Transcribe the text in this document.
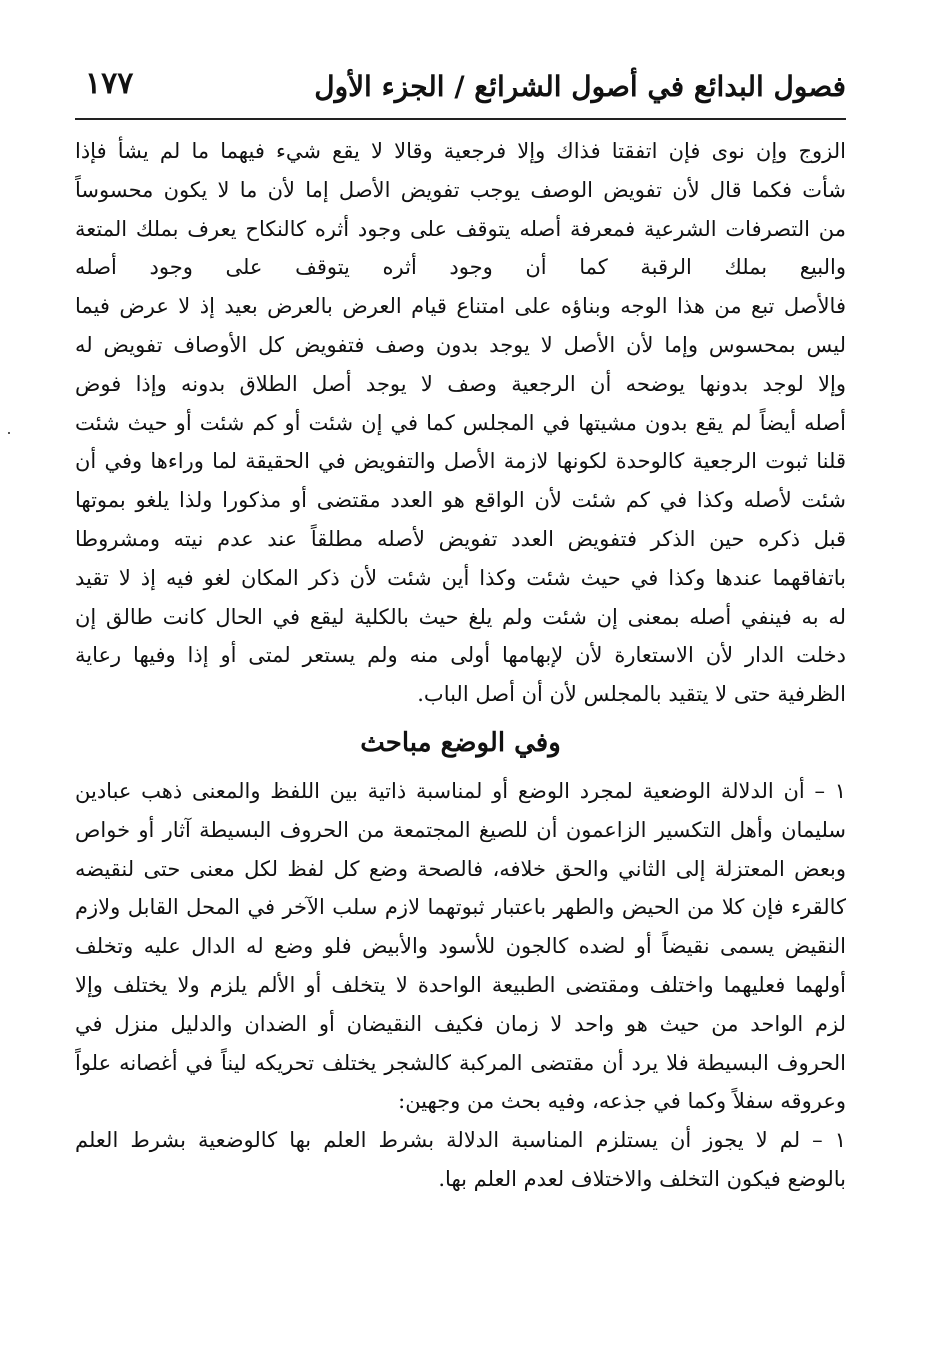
فصول البدائع في أصول الشرائع / الجزء الأول
١٧٧
الزوج وإن نوى فإن اتفقتا فذاك وإلا فرجعية وقالا لا يقع شيء فيهما ما لم يشأ فإذا
شأت فكما قال لأن تفويض الوصف يوجب تفويض الأصل إما لأن ما لا يكون محسوساً
من التصرفات الشرعية فمعرفة أصله يتوقف على وجود أثره كالنكاح يعرف بملك المتعة
والبيع بملك الرقبة كما أن وجود أثره يتوقف على وجود أصله
فالأصل تبع من هذا الوجه وبناؤه على امتناع قيام العرض بالعرض بعيد إذ لا عرض فيما
ليس بمحسوس وإما لأن الأصل لا يوجد بدون وصف فتفويض كل الأوصاف تفويض له
وإلا لوجد بدونها يوضحه أن الرجعية وصف لا يوجد أصل الطلاق بدونه وإذا فوض
أصله أيضاً لم يقع بدون مشيتها في المجلس كما في إن شئت أو كم شئت أو حيث شئت
قلنا ثبوت الرجعية كالوحدة لكونها لازمة الأصل والتفويض في الحقيقة لما وراءها وفي أن
شئت لأصله وكذا في كم شئت لأن الواقع هو العدد مقتضى أو مذكورا ولذا يلغو بموتها
قبل ذكره حين الذكر فتفويض العدد تفويض لأصله مطلقاً عند عدم نيته ومشروطا
باتفاقهما عندها وكذا في حيث شئت وكذا أين شئت لأن ذكر المكان لغو فيه إذ لا تقيد
له به فينفي أصله بمعنى إن شئت ولم يلغ حيث بالكلية ليقع في الحال كانت طالق إن
دخلت الدار لأن الاستعارة لأن لإبهامها أولى منه ولم يستعر لمتى أو إذا وفيها رعاية
الظرفية حتى لا يتقيد بالمجلس لأن أن أصل الباب.
وفي الوضع مباحث
١ – أن الدلالة الوضعية لمجرد الوضع أو لمناسبة ذاتية بين اللفظ والمعنى ذهب عبادين
سليمان وأهل التكسير الزاعمون أن للصيغ المجتمعة من الحروف البسيطة آثار أو خواص
وبعض المعتزلة إلى الثاني والحق خلافه، فالصحة وضع كل لفظ لكل معنى حتى لنقيضه
كالقرء فإن كلا من الحيض والطهر باعتبار ثبوتهما لازم سلب الآخر في المحل القابل ولازم
النقيض يسمى نقيضاً أو لضده كالجون للأسود والأبيض فلو وضع له الدال عليه وتخلف
أولهما فعليهما واختلف ومقتضى الطبيعة الواحدة لا يتخلف أو الألم يلزم ولا يختلف وإلا
لزم الواحد من حيث هو واحد لا زمان فكيف النقيضان أو الضدان والدليل منزل في
الحروف البسيطة فلا يرد أن مقتضى المركبة كالشجر يختلف تحريكه ليناً في أغصانه علواً
وعروقه سفلاً وكما في جذعه، وفيه بحث من وجهين:
١ – لم لا يجوز أن يستلزم المناسبة الدلالة بشرط العلم بها كالوضعية بشرط العلم
بالوضع فيكون التخلف والاختلاف لعدم العلم بها.
